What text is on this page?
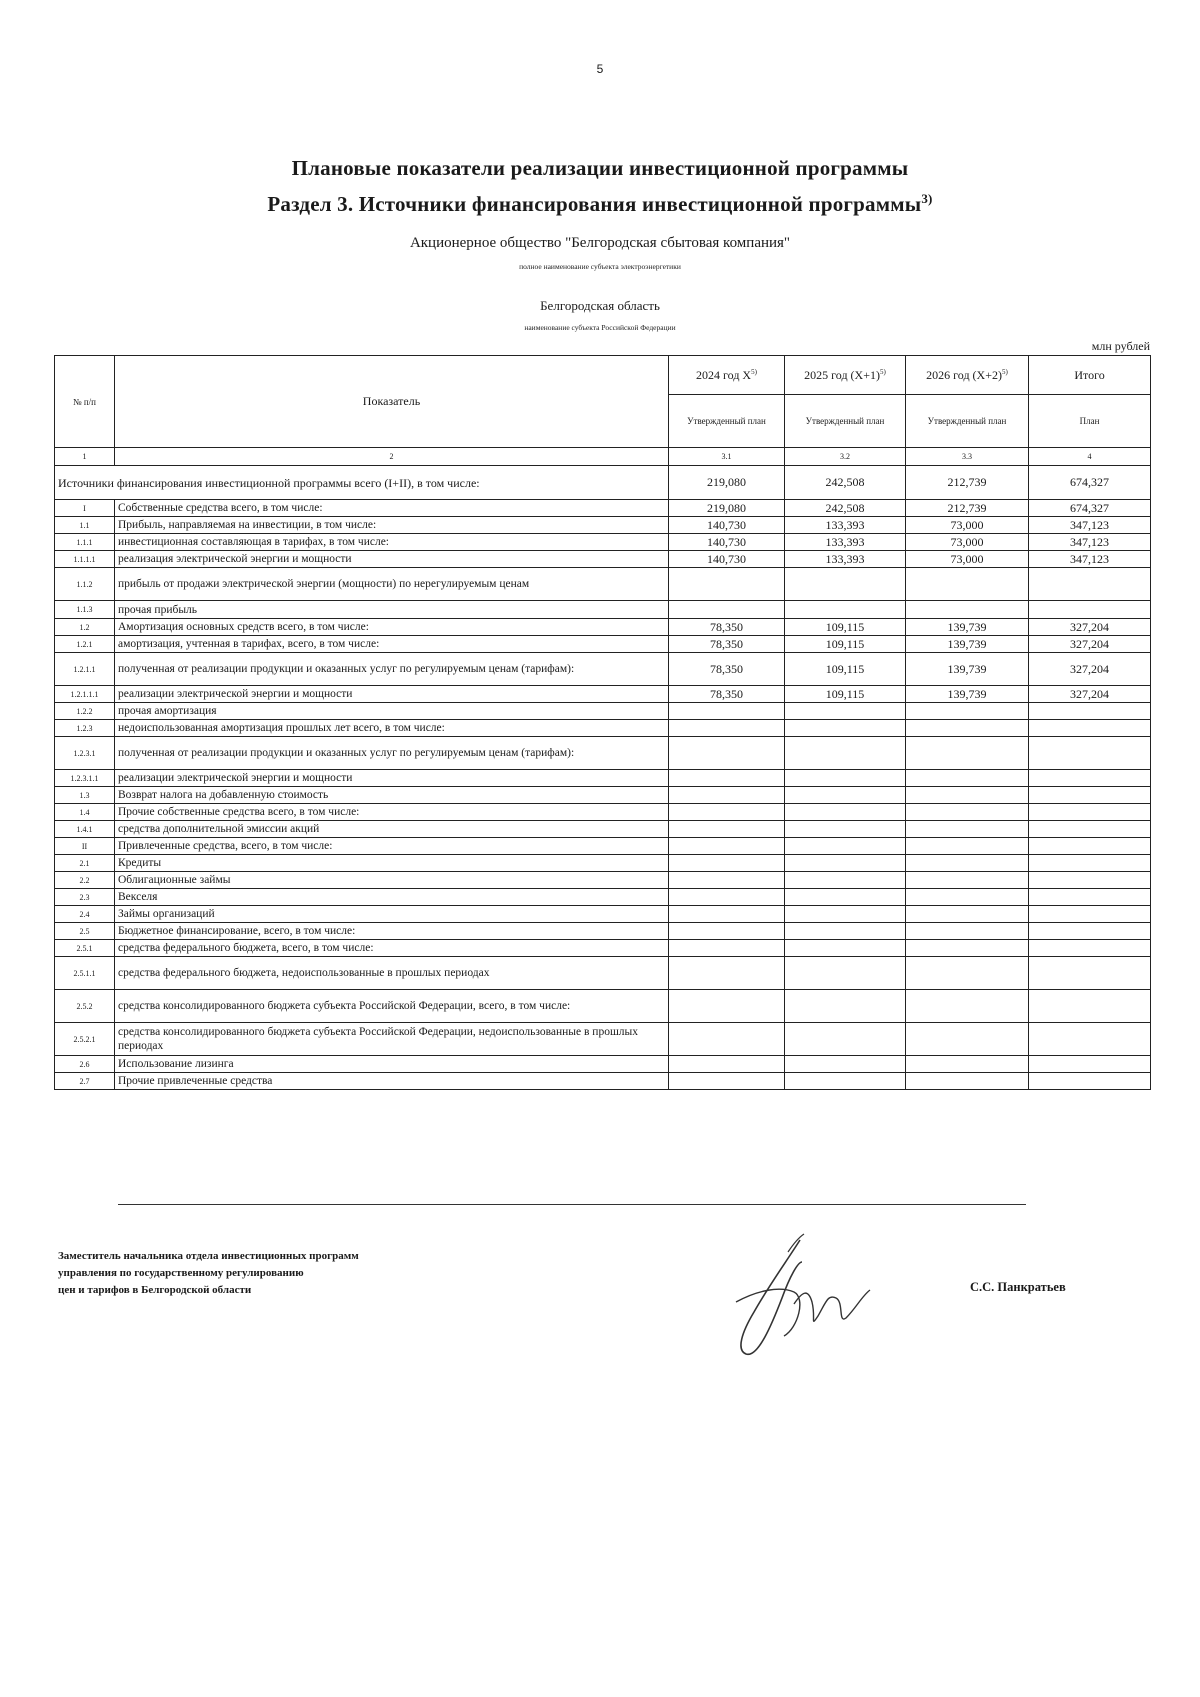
5
Плановые показатели реализации инвестиционной программы
Раздел 3. Источники финансирования инвестиционной программы$^{3)}$
Акционерное общество "Белгородская сбытовая компания"
полное наименование субъекта электроэнергетики
Белгородская область
наименование субъекта Российской Федерации
млн рублей
№ п/п	Показатель	2024 год $X^{5)}$	2025 год $(X+1)^{5)}$	2026 год $(X+2)^{5)}$	Итого
		Утвержденный план	Утвержденный план	Утвержденный план	План
1	2	3.1	3.2	3.3	4
Источники финансирования инвестиционной программы всего (I+II), в том числе:		219,080	242,508	212,739	674,327
I	Собственные средства всего, в том числе:	219,080	242,508	212,739	674,327
1.1	Прибыль, направляемая на инвестиции, в том числе:	140,730	133,393	73,000	347,123
1.1.1	инвестиционная составляющая в тарифах, в том числе:	140,730	133,393	73,000	347,123
1.1.1.1	реализация электрической энергии и мощности	140,730	133,393	73,000	347,123
1.1.2	прибыль от продажи электрической энергии (мощности) по нерегулируемым ценам				
1.1.3	прочая прибыль				
1.2	Амортизация основных средств всего, в том числе:	78,350	109,115	139,739	327,204
1.2.1	амортизация, учтенная в тарифах, всего, в том числе:	78,350	109,115	139,739	327,204
1.2.1.1	полученная от реализации продукции и оказанных услуг по регулируемым ценам (тарифам):	78,350	109,115	139,739	327,204
1.2.1.1.1	реализации электрической энергии и мощности	78,350	109,115	139,739	327,204
1.2.2	прочая амортизация				
1.2.3	недоиспользованная амортизация прошлых лет всего, в том числе:				
1.2.3.1	полученная от реализации продукции и оказанных услуг по регулируемым ценам (тарифам):				
1.2.3.1.1	реализации электрической энергии и мощности				
1.3	Возврат налога на добавленную стоимость				
1.4	Прочие собственные средства всего, в том числе:				
1.4.1	средства дополнительной эмиссии акций				
II	Привлеченные средства, всего, в том числе:				
2.1	Кредиты				
2.2	Облигационные займы				
2.3	Векселя				
2.4	Займы организаций				
2.5	Бюджетное финансирование, всего, в том числе:				
2.5.1	средства федерального бюджета, всего, в том числе:				
2.5.1.1	средства федерального бюджета, недоиспользованные в прошлых периодах				
2.5.2	средства консолидированного бюджета субъекта Российской Федерации, всего, в том числе:				
2.5.2.1	средства консолидированного бюджета субъекта Российской Федерации, недоиспользованные в прошлых периодах				
2.6	Использование лизинга				
2.7	Прочие привлеченные средства				
Заместитель начальника отдела инвестиционных программ
управления по государственному регулированию
цен и тарифов в Белгородской области	С.С. Панкратьев
